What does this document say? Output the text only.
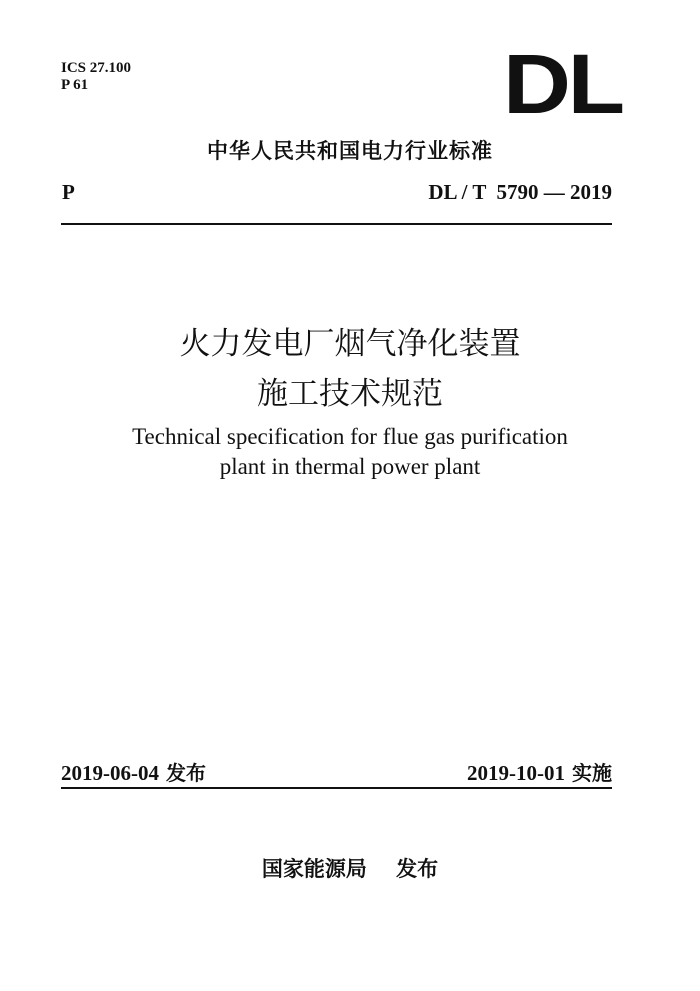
ICS 27.100
P 61	DL
中华人民共和国电力行业标准
P	DL / T  5790 — 2019
火力发电厂烟气净化装置
施工技术规范
Technical specification for flue gas purification
plant in thermal power plant
2019-06-04 发布	2019-10-01 实施
国家能源局 发布
